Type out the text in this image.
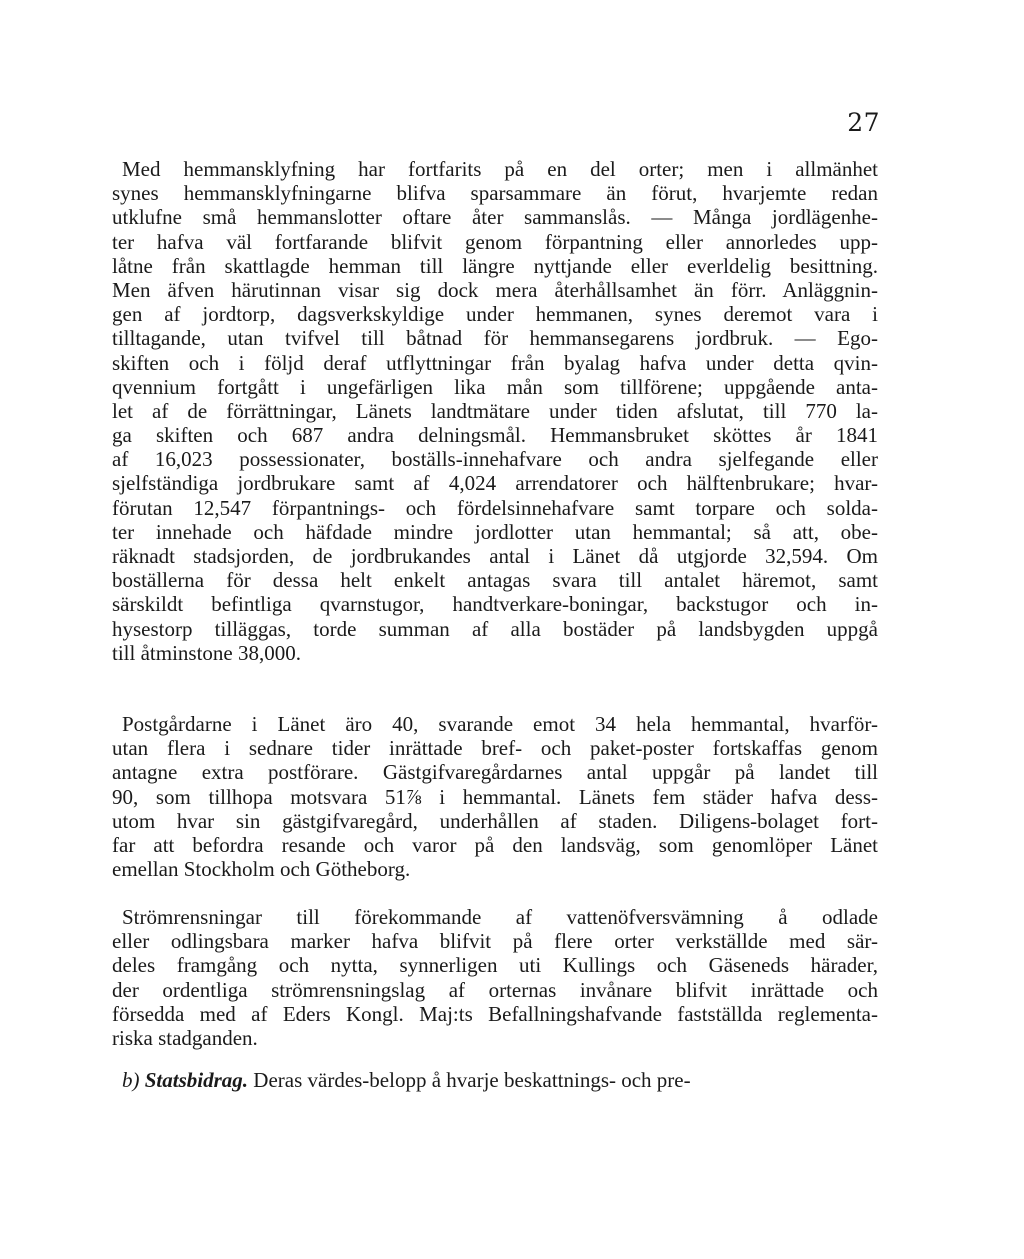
27
Med hemmansklyfning har fortfarits på en del orter; men i allmänhet
synes hemmansklyfningarne blifva sparsammare än förut, hvarjemte redan
utklufne små hemmanslotter oftare åter sammanslås. — Många jordlägenhe-
ter hafva väl fortfarande blifvit genom förpantning eller annorledes upp-
låtne från skattlagde hemman till längre nyttjande eller everldelig besittning.
Men äfven härutinnan visar sig dock mera återhållsamhet än förr. Anläggnin-
gen af jordtorp, dagsverkskyldige under hemmanen, synes deremot vara i
tilltagande, utan tvifvel till båtnad för hemmansegarens jordbruk. — Ego-
skiften och i följd deraf utflyttningar från byalag hafva under detta qvin-
qvennium fortgått i ungefärligen lika mån som tillförene; uppgående anta-
let af de förrättningar, Länets landtmätare under tiden afslutat, till 770 la-
ga skiften och 687 andra delningsmål. Hemmansbruket sköttes år 1841
af 16,023 possessionater, boställs-innehafvare och andra sjelfegande eller
sjelfständiga jordbrukare samt af 4,024 arrendatorer och hälftenbrukare; hvar-
förutan 12,547 förpantnings- och fördelsinnehafvare samt torpare och solda-
ter innehade och häfdade mindre jordlotter utan hemmantal; så att, obe-
räknadt stadsjorden, de jordbrukandes antal i Länet då utgjorde 32,594. Om
boställerna för dessa helt enkelt antagas svara till antalet häremot, samt
särskildt befintliga qvarnstugor, handtverkare-boningar, backstugor och in-
hysestorp tilläggas, torde summan af alla bostäder på landsbygden uppgå
till åtminstone 38,000.
Postgårdarne i Länet äro 40, svarande emot 34 hela hemmantal, hvarför-
utan flera i sednare tider inrättade bref- och paket-poster fortskaffas genom
antagne extra postförare. Gästgifvaregårdarnes antal uppgår på landet till
90, som tillhopa motsvara 51⅞ i hemmantal. Länets fem städer hafva dess-
utom hvar sin gästgifvaregård, underhållen af staden. Diligens-bolaget fort-
far att befordra resande och varor på den landsväg, som genomlöper Länet
emellan Stockholm och Götheborg.
Strömrensningar till förekommande af vattenöfversvämning å odlade
eller odlingsbara marker hafva blifvit på flere orter verkställde med sär-
deles framgång och nytta, synnerligen uti Kullings och Gäseneds härader,
der ordentliga strömrensningslag af orternas invånare blifvit inrättade och
försedda med af Eders Kongl. Maj:ts Befallningshafvande fastställda reglementa-
riska stadganden.
b) Statsbidrag. Deras värdes-belopp å hvarje beskattnings- och pre-
